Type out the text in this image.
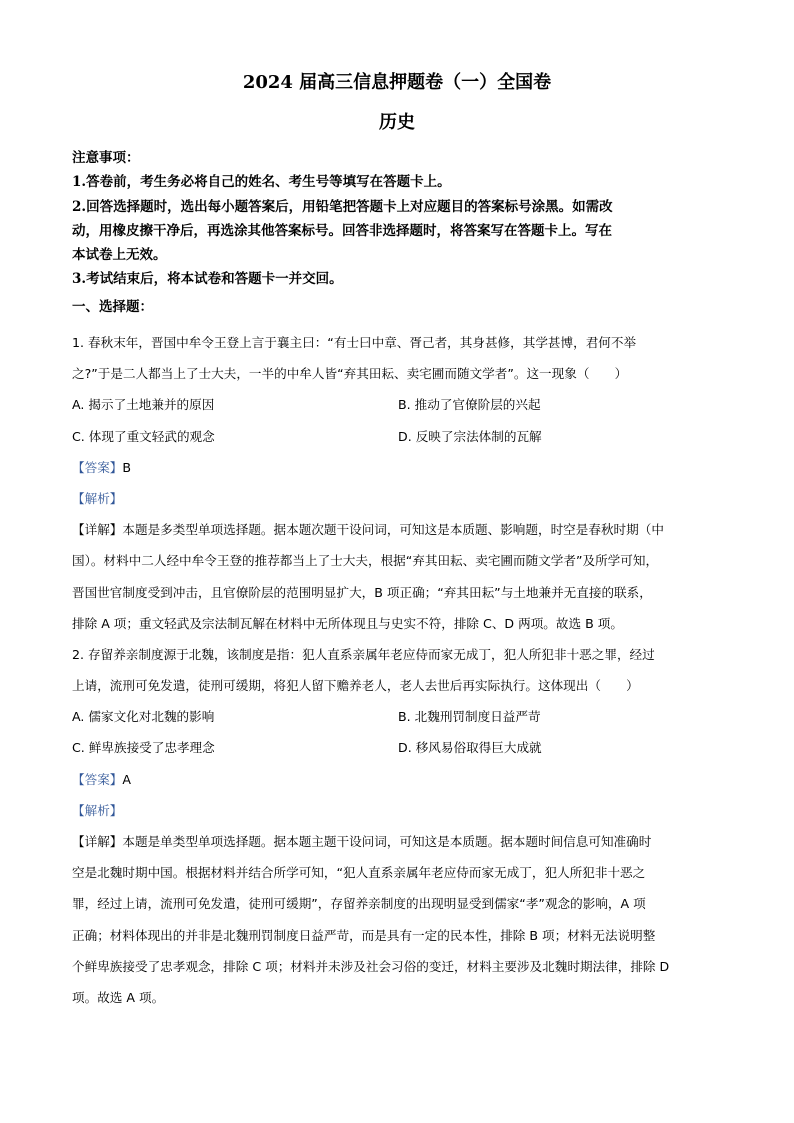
2024 届高三信息押题卷（一）全国卷
历史
注意事项：
1.答卷前，考生务必将自己的姓名、考生号等填写在答题卡上。
2.回答选择题时，选出每小题答案后，用铅笔把答题卡上对应题目的答案标号涂黑。如需改
动，用橡皮擦干净后，再选涂其他答案标号。回答非选择题时，将答案写在答题卡上。写在
本试卷上无效。
3.考试结束后，将本试卷和答题卡一并交回。
一、选择题：
1. 春秋末年，晋国中牟令王登上言于襄主曰：“有士曰中章、胥己者，其身甚修，其学甚博，君何不举
之?”于是二人都当上了士大夫，一半的中牟人皆“弃其田耘、卖宅圃而随文学者”。这一现象（　　）
A. 揭示了土地兼并的原因	B. 推动了官僚阶层的兴起
C. 体现了重文轻武的观念	D. 反映了宗法体制的瓦解
【答案】B
【解析】
【详解】本题是多类型单项选择题。据本题次题干设问词，可知这是本质题、影响题，时空是春秋时期（中
国）。材料中二人经中牟令王登的推荐都当上了士大夫，根据“弃其田耘、卖宅圃而随文学者”及所学可知，
晋国世官制度受到冲击，且官僚阶层的范围明显扩大，B 项正确；“弃其田耘”与土地兼并无直接的联系，
排除 A 项；重文轻武及宗法制瓦解在材料中无所体现且与史实不符，排除 C、D 两项。故选 B 项。
2. 存留养亲制度源于北魏，该制度是指：犯人直系亲属年老应侍而家无成丁，犯人所犯非十恶之罪，经过
上请，流刑可免发遣，徒刑可缓期，将犯人留下赡养老人，老人去世后再实际执行。这体现出（　　）
A. 儒家文化对北魏的影响	B. 北魏刑罚制度日益严苛
C. 鲜卑族接受了忠孝理念	D. 移风易俗取得巨大成就
【答案】A
【解析】
【详解】本题是单类型单项选择题。据本题主题干设问词，可知这是本质题。据本题时间信息可知准确时
空是北魏时期中国。根据材料并结合所学可知，“犯人直系亲属年老应侍而家无成丁，犯人所犯非十恶之
罪，经过上请，流刑可免发遣，徒刑可缓期”，存留养亲制度的出现明显受到儒家“孝”观念的影响，A 项
正确；材料体现出的并非是北魏刑罚制度日益严苛，而是具有一定的民本性，排除 B 项；材料无法说明整
个鲜卑族接受了忠孝观念，排除 C 项；材料并未涉及社会习俗的变迁，材料主要涉及北魏时期法律，排除 D
项。故选 A 项。
